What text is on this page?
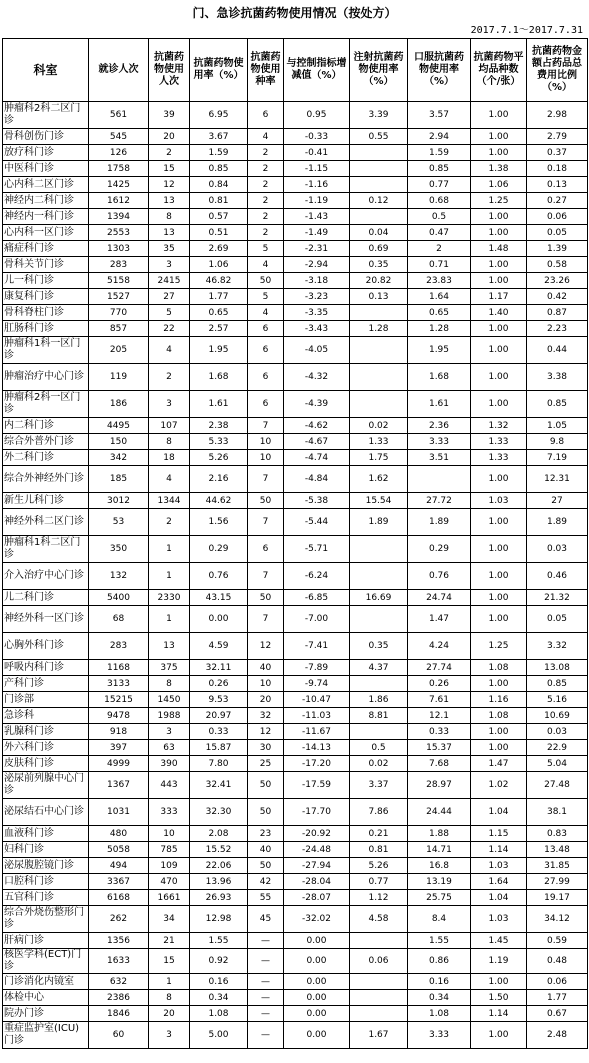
门、急诊抗菌药物使用情况（按处方）
2017.7.1～2017.7.31
科室	就诊人次	抗菌药物使用人次	抗菌药物使用率（%）	抗菌药物使用种率	与控制指标增减值（%）	注射抗菌药物使用率（%）	口服抗菌药物使用率（%）	抗菌药物平均品种数（个/张）	抗菌药物金额占药品总费用比例（%）
肿瘤科2科二区门诊	561	39	6.95	6	0.95	3.39	3.57	1.00	2.98
骨科创伤门诊	545	20	3.67	4	-0.33	0.55	2.94	1.00	2.79
放疗科门诊	126	2	1.59	2	-0.41		1.59	1.00	0.37
中医科门诊	1758	15	0.85	2	-1.15		0.85	1.38	0.18
心内科二区门诊	1425	12	0.84	2	-1.16		0.77	1.06	0.13
神经内二科门诊	1612	13	0.81	2	-1.19	0.12	0.68	1.25	0.27
神经内一科门诊	1394	8	0.57	2	-1.43		0.5	1.00	0.06
心内科一区门诊	2553	13	0.51	2	-1.49	0.04	0.47	1.00	0.05
痛症科门诊	1303	35	2.69	5	-2.31	0.69	2	1.48	1.39
骨科关节门诊	283	3	1.06	4	-2.94	0.35	0.71	1.00	0.58
儿一科门诊	5158	2415	46.82	50	-3.18	20.82	23.83	1.00	23.26
康复科门诊	1527	27	1.77	5	-3.23	0.13	1.64	1.17	0.42
骨科脊柱门诊	770	5	0.65	4	-3.35		0.65	1.40	0.87
肛肠科门诊	857	22	2.57	6	-3.43	1.28	1.28	1.00	2.23
肿瘤科1科一区门诊	205	4	1.95	6	-4.05		1.95	1.00	0.44
肿瘤治疗中心门诊	119	2	1.68	6	-4.32		1.68	1.00	3.38
肿瘤科2科一区门诊	186	3	1.61	6	-4.39		1.61	1.00	0.85
内二科门诊	4495	107	2.38	7	-4.62	0.02	2.36	1.32	1.05
综合外普外门诊	150	8	5.33	10	-4.67	1.33	3.33	1.33	9.8
外二科门诊	342	18	5.26	10	-4.74	1.75	3.51	1.33	7.19
综合外神经外门诊	185	4	2.16	7	-4.84	1.62		1.00	12.31
新生儿科门诊	3012	1344	44.62	50	-5.38	15.54	27.72	1.03	27
神经外科二区门诊	53	2	1.56	7	-5.44	1.89	1.89	1.00	1.89
肿瘤科1科二区门诊	350	1	0.29	6	-5.71		0.29	1.00	0.03
介入治疗中心门诊	132	1	0.76	7	-6.24		0.76	1.00	0.46
儿二科门诊	5400	2330	43.15	50	-6.85	16.69	24.74	1.00	21.32
神经外科一区门诊	68	1	0.00	7	-7.00		1.47	1.00	0.05
心胸外科门诊	283	13	4.59	12	-7.41	0.35	4.24	1.25	3.32
呼吸内科门诊	1168	375	32.11	40	-7.89	4.37	27.74	1.08	13.08
产科门诊	3133	8	0.26	10	-9.74		0.26	1.00	0.85
门诊部	15215	1450	9.53	20	-10.47	1.86	7.61	1.16	5.16
急诊科	9478	1988	20.97	32	-11.03	8.81	12.1	1.08	10.69
乳腺科门诊	918	3	0.33	12	-11.67		0.33	1.00	0.03
外六科门诊	397	63	15.87	30	-14.13	0.5	15.37	1.00	22.9
皮肤科门诊	4999	390	7.80	25	-17.20	0.02	7.68	1.47	5.04
泌尿前列腺中心门诊	1367	443	32.41	50	-17.59	3.37	28.97	1.02	27.48
泌尿结石中心门诊	1031	333	32.30	50	-17.70	7.86	24.44	1.04	38.1
血液科门诊	480	10	2.08	23	-20.92	0.21	1.88	1.15	0.83
妇科门诊	5058	785	15.52	40	-24.48	0.81	14.71	1.14	13.48
泌尿腹腔镜门诊	494	109	22.06	50	-27.94	5.26	16.8	1.03	31.85
口腔科门诊	3367	470	13.96	42	-28.04	0.77	13.19	1.64	27.99
五官科门诊	6168	1661	26.93	55	-28.07	1.12	25.75	1.04	19.17
综合外烧伤整形门诊	262	34	12.98	45	-32.02	4.58	8.4	1.03	34.12
肝病门诊	1356	21	1.55	—	0.00		1.55	1.45	0.59
核医学科(ECT)门诊	1633	15	0.92	—	0.00	0.06	0.86	1.19	0.48
门诊消化内镜室	632	1	0.16	—	0.00		0.16	1.00	0.06
体检中心	2386	8	0.34	—	0.00		0.34	1.50	1.77
院办门诊	1846	20	1.08	—	0.00		1.08	1.14	0.67
重症监护室(ICU)门诊	60	3	5.00	—	0.00	1.67	3.33	1.00	2.48
